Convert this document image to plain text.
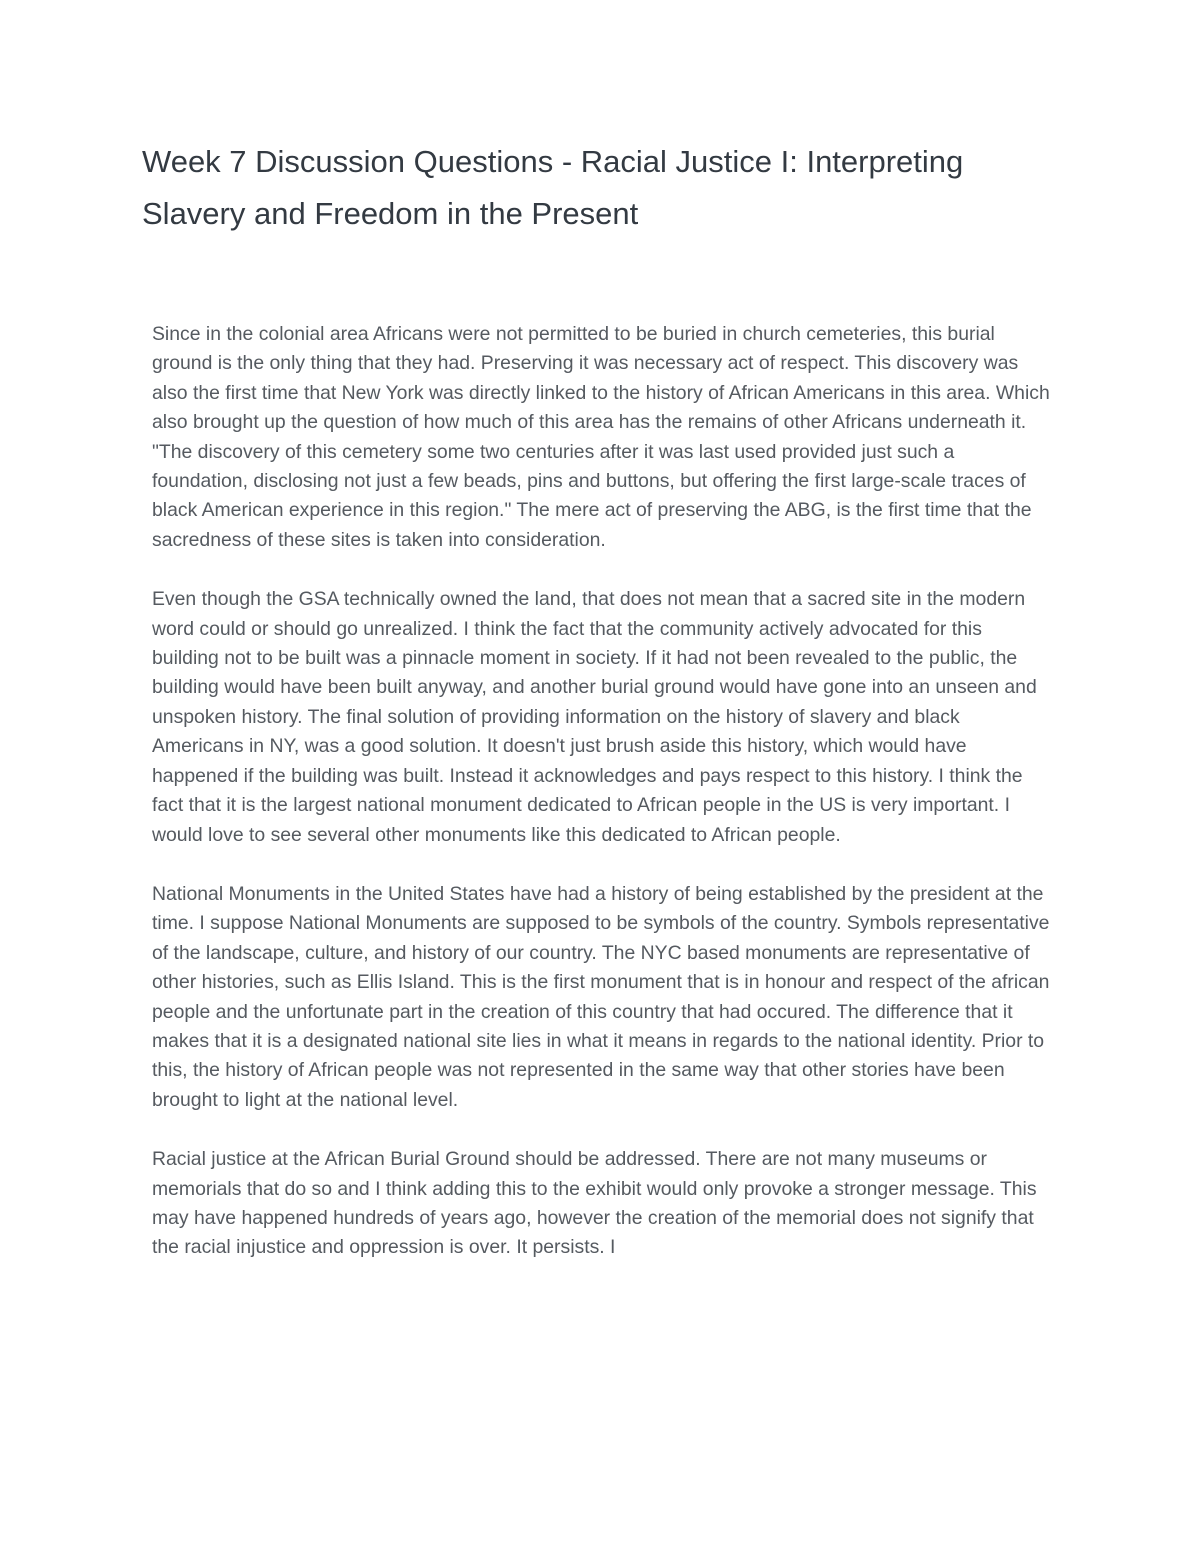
Week 7 Discussion Questions - Racial Justice I: Interpreting Slavery and Freedom in the Present

Since in the colonial area Africans were not permitted to be buried in church cemeteries, this burial ground is the only thing that they had. Preserving it was necessary act of respect. This discovery was also the first time that New York was directly linked to the history of African Americans in this area. Which also brought up the question of how much of this area has the remains of other Africans underneath it. "The discovery of this cemetery some two centuries after it was last used provided just such a foundation, disclosing not just a few beads, pins and buttons, but offering the first large-scale traces of black American experience in this region." The mere act of preserving the ABG, is the first time that the sacredness of these sites is taken into consideration.

Even though the GSA technically owned the land, that does not mean that a sacred site in the modern word could or should go unrealized. I think the fact that the community actively advocated for this building not to be built was a pinnacle moment in society. If it had not been revealed to the public, the building would have been built anyway, and another burial ground would have gone into an unseen and unspoken history. The final solution of providing information on the history of slavery and black Americans in NY, was a good solution. It doesn't just brush aside this history, which would have happened if the building was built. Instead it acknowledges and pays respect to this history. I think the fact that it is the largest national monument dedicated to African people in the US is very important. I would love to see several other monuments like this dedicated to African people.

National Monuments in the United States have had a history of being established by the president at the time. I suppose National Monuments are supposed to be symbols of the country. Symbols representative of the landscape, culture, and history of our country. The NYC based monuments are representative of other histories, such as Ellis Island. This is the first monument that is in honour and respect of the african people and the unfortunate part in the creation of this country that had occured. The difference that it makes that it is a designated national site lies in what it means in regards to the national identity. Prior to this, the history of African people was not represented in the same way that other stories have been brought to light at the national level.

Racial justice at the African Burial Ground should be addressed. There are not many museums or memorials that do so and I think adding this to the exhibit would only provoke a stronger message. This may have happened hundreds of years ago, however the creation of the memorial does not signify that the racial injustice and oppression is over. It persists. I
